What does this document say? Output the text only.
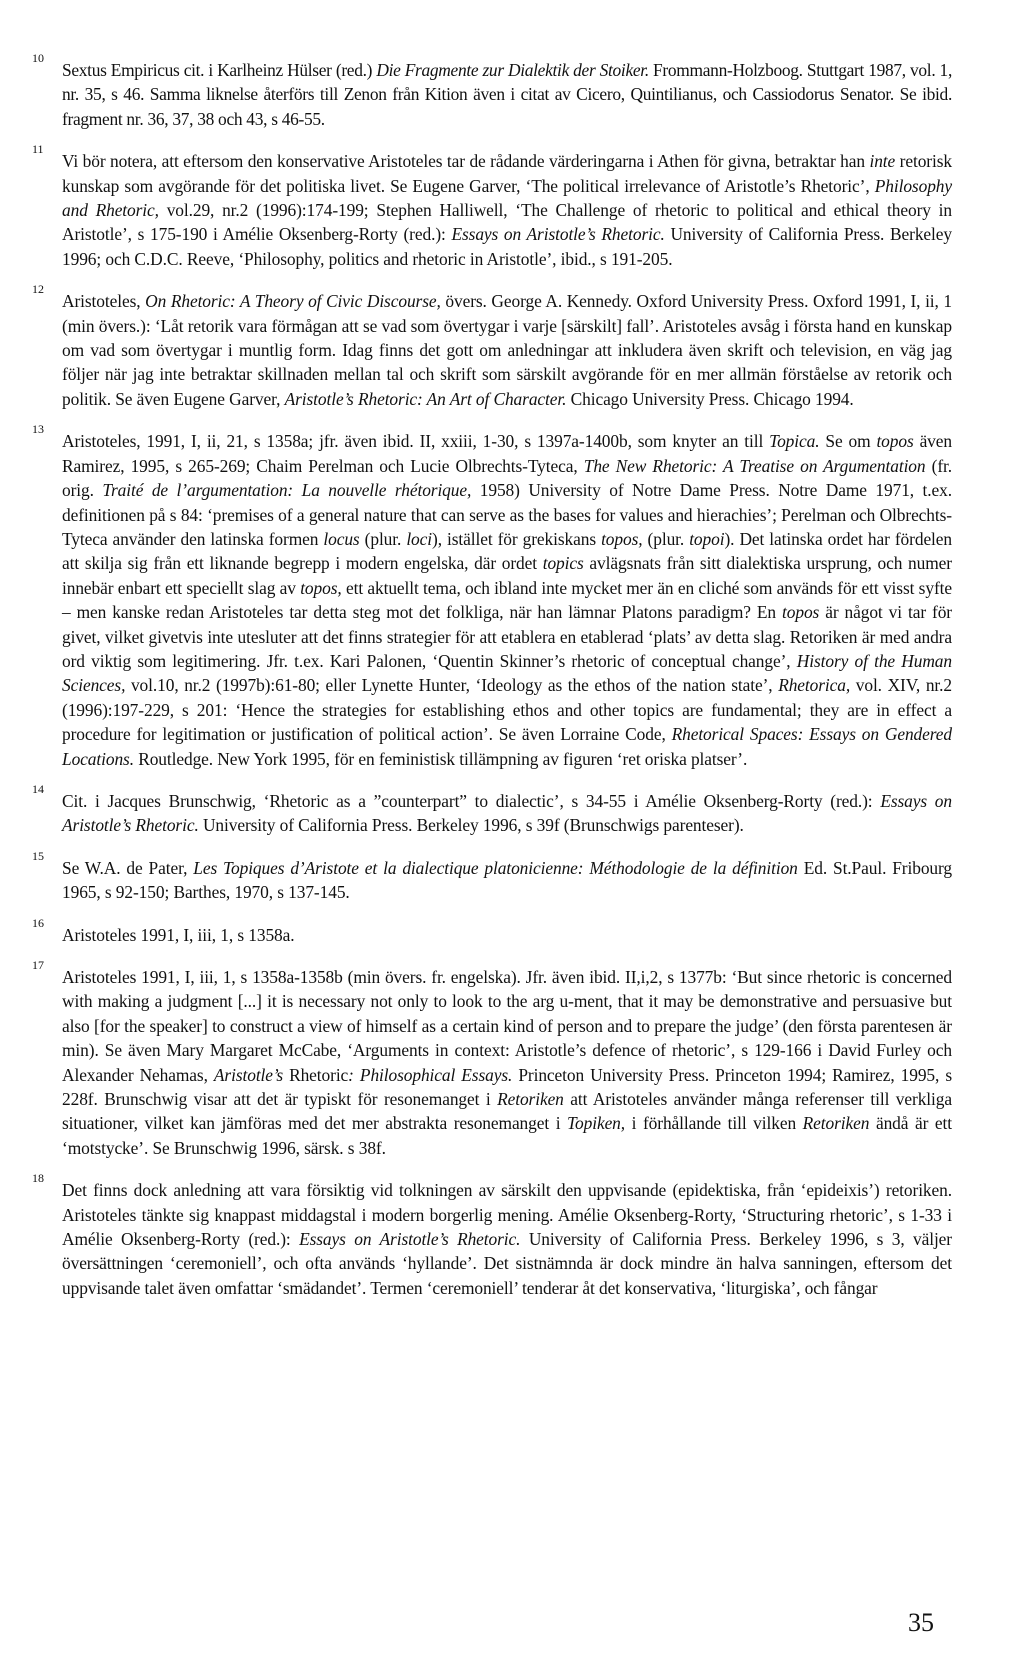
10
Sextus Empiricus cit. i Karlheinz Hülser (red.) Die Fragmente zur Dialektik der Stoiker. Frommann-Holzboog. Stuttgart 1987, vol. 1, nr. 35, s 46. Samma liknelse återförs till Zenon från Kition även i citat av Cicero, Quintilianus, och Cassiodorus Senator. Se ibid. fragment nr. 36, 37, 38 och 43, s 46-55.
11
Vi bör notera, att eftersom den konservative Aristoteles tar de rådande värderingarna i Athen för givna, betraktar han inte retorisk kunskap som avgörande för det politiska livet. Se Eugene Garver, ‘The political irrelevance of Aristotle’s Rhetoric’, Philosophy and Rhetoric, vol.29, nr.2 (1996):174-199; Stephen Halliwell, ‘The Challenge of rhetoric to political and ethical theory in Aristotle’, s 175-190 i Amélie Oksenberg-Rorty (red.): Essays on Aristotle’s Rhetoric. University of California Press. Berkeley 1996; och C.D.C. Reeve, ‘Philosophy, politics and rhetoric in Aristotle’, ibid., s 191-205.
12
Aristoteles, On Rhetoric: A Theory of Civic Discourse, övers. George A. Kennedy. Oxford University Press. Oxford 1991, I, ii, 1 (min övers.): ‘Låt retorik vara förmågan att se vad som övertygar i varje [särskilt] fall’. Aristoteles avsåg i första hand en kunskap om vad som övertygar i muntlig form. Idag finns det gott om anledningar att inkludera även skrift och television, en väg jag följer när jag inte betraktar skillnaden mellan tal och skrift som särskilt avgörande för en mer allmän förståelse av retorik och politik. Se även Eugene Garver, Aristotle’s Rhetoric: An Art of Character. Chicago University Press. Chicago 1994.
13
Aristoteles, 1991, I, ii, 21, s 1358a; jfr. även ibid. II, xxiii, 1-30, s 1397a-1400b, som knyter an till Topica. Se om topos även Ramirez, 1995, s 265-269; Chaim Perelman och Lucie Olbrechts-Tyteca, The New Rhetoric: A Treatise on Argumentation (fr. orig. Traité de l’argumentation: La nouvelle rhétorique, 1958) University of Notre Dame Press. Notre Dame 1971, t.ex. definitionen på s 84: ‘premises of a general nature that can serve as the bases for values and hierachies’; Perelman och Olbrechts-Tyteca använder den latinska formen locus (plur. loci), istället för grekiskans topos, (plur. topoi). Det latinska ordet har fördelen att skilja sig från ett liknande begrepp i modern engelska, där ordet topics avlägsnats från sitt dialektiska ursprung, och numer innebär enbart ett speciellt slag av topos, ett aktuellt tema, och ibland inte mycket mer än en cliché som används för ett visst syfte – men kanske redan Aristoteles tar detta steg mot det folkliga, när han lämnar Platons paradigm? En topos är något vi tar för givet, vilket givetvis inte utesluter att det finns strategier för att etablera en etablerad ‘plats’ av detta slag. Retoriken är med andra ord viktig som legitimering. Jfr. t.ex. Kari Palonen, ‘Quentin Skinner’s rhetoric of conceptual change’, History of the Human Sciences, vol.10, nr.2 (1997b):61-80; eller Lynette Hunter, ‘Ideology as the ethos of the nation state’, Rhetorica, vol. XIV, nr.2 (1996):197-229, s 201: ‘Hence the strategies for establishing ethos and other topics are fundamental; they are in effect a procedure for legitimation or justification of political action’. Se även Lorraine Code, Rhetorical Spaces: Essays on Gendered Locations. Routledge. New York 1995, för en feministisk tillämpning av figuren ‘ret oriska platser’.
14
Cit. i Jacques Brunschwig, ‘Rhetoric as a ”counterpart” to dialectic’, s 34-55 i Amélie Oksenberg-Rorty (red.): Essays on Aristotle’s Rhetoric. University of California Press. Berkeley 1996, s 39f (Brunschwigs parenteser).
15
Se W.A. de Pater, Les Topiques d’Aristote et la dialectique platonicienne: Méthodologie de la définition Ed. St.Paul. Fribourg 1965, s 92-150; Barthes, 1970, s 137-145.
16
Aristoteles 1991, I, iii, 1, s 1358a.
17
Aristoteles 1991, I, iii, 1, s 1358a-1358b (min övers. fr. engelska). Jfr. även ibid. II,i,2, s 1377b: ‘But since rhetoric is concerned with making a judgment [...] it is necessary not only to look to the arg u-ment, that it may be demonstrative and persuasive but also [for the speaker] to construct a view of himself as a certain kind of person and to prepare the judge’ (den första parentesen är min). Se även Mary Margaret McCabe, ‘Arguments in context: Aristotle’s defence of rhetoric’, s 129-166 i David Furley och Alexander Nehamas, Aristotle’s Rhetoric: Philosophical Essays. Princeton University Press. Princeton 1994; Ramirez, 1995, s 228f. Brunschwig visar att det är typiskt för resonemanget i Retoriken att Aristoteles använder många referenser till verkliga situationer, vilket kan jämföras med det mer abstrakta resonemanget i Topiken, i förhållande till vilken Retoriken ändå är ett ‘motstycke’. Se Brunschwig 1996, särsk. s 38f.
18
Det finns dock anledning att vara försiktig vid tolkningen av särskilt den uppvisande (epidektiska, från ‘epideixis’) retoriken. Aristoteles tänkte sig knappast middagstal i modern borgerlig mening. Amélie Oksenberg-Rorty, ‘Structuring rhetoric’, s 1-33 i Amélie Oksenberg-Rorty (red.): Essays on Aristotle’s Rhetoric. University of California Press. Berkeley 1996, s 3, väljer översättningen ‘ceremoniell’, och ofta används ‘hyllande’. Det sistnämnda är dock mindre än halva sanningen, eftersom det uppvisande talet även omfattar ‘smädandet’. Termen ‘ceremoniell’ tenderar åt det konservativa, ‘liturgiska’, och fångar
35
